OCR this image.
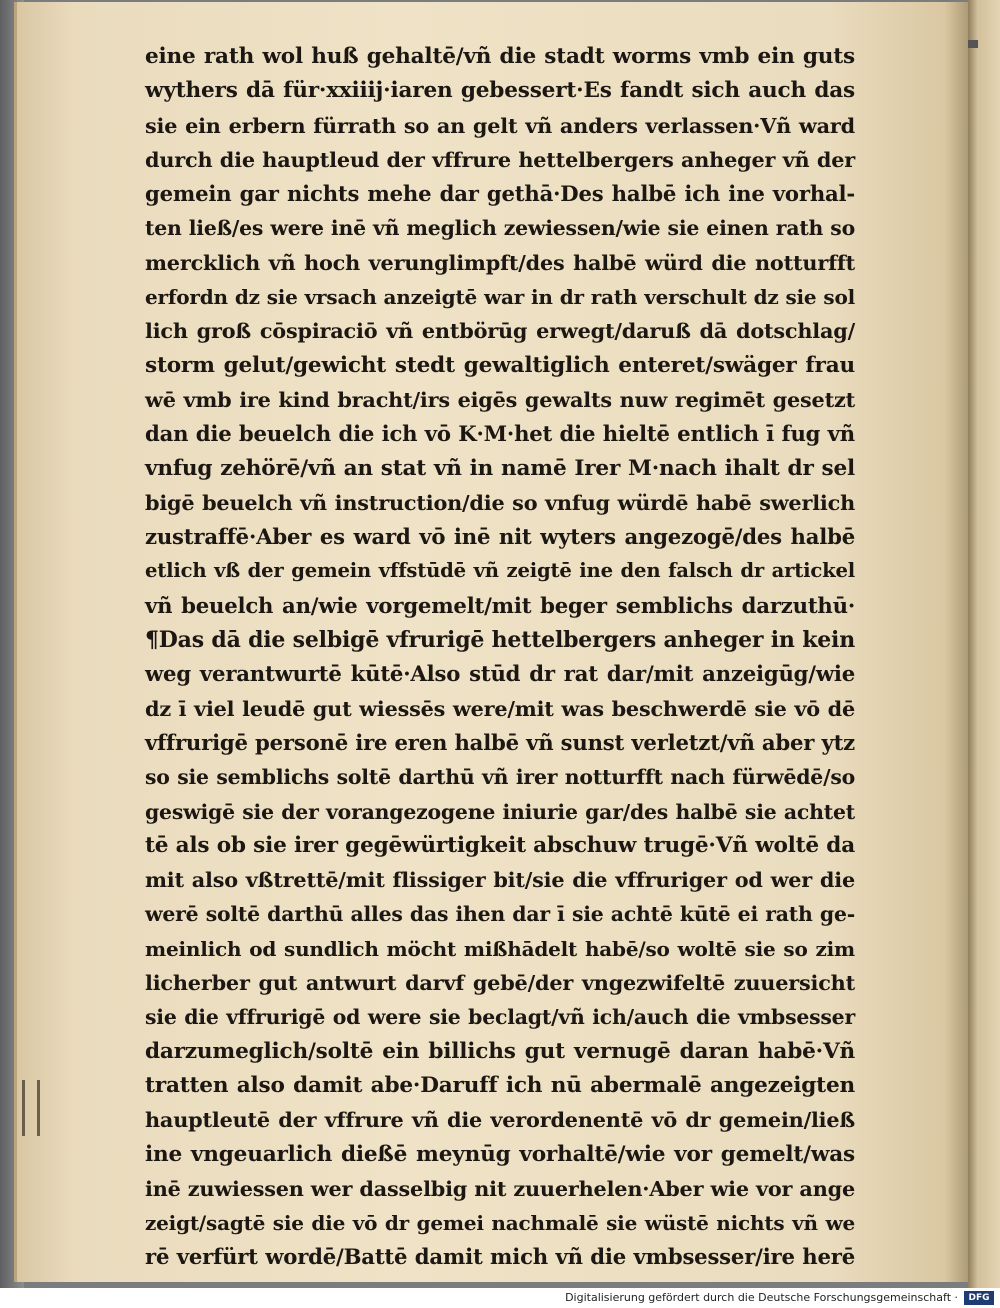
eine rath wol huß gehaltē/vñ die stadt worms vmb ein guts
wythers dā für·xxiiij·iaren gebessert·Es fandt sich auch das
sie ein erbern fürrath so an gelt vñ anders verlassen·Vñ ward
durch die hauptleud der vffrure hettelbergers anheger vñ der
gemein gar nichts mehe dar gethā·Des halbē ich ine vorhal-
ten ließ/es were inē vñ meglich zewiessen/wie sie einen rath so
mercklich vñ hoch verunglimpft/des halbē würd die notturfft
erfordn dz sie vrsach anzeigtē war in dr rath verschult dz sie sol
lich groß cōspiraciō vñ entbörūg erwegt/daruß dā dotschlag/
storm gelut/gewicht stedt gewaltiglich enteret/swäger frau
wē vmb ire kind bracht/irs eigēs gewalts nuw regimēt gesetzt
dan die beuelch die ich vō K·M·het die hieltē entlich ī fug vñ
vnfug zehörē/vñ an stat vñ in namē Irer M·nach ihalt dr sel
bigē beuelch vñ instruction/die so vnfug würdē habē swerlich
zustraffē·Aber es ward vō inē nit wyters angezogē/des halbē
etlich vß der gemein vffstūdē vñ zeigtē ine den falsch dr artickel
vñ beuelch an/wie vorgemelt/mit beger semblichs darzuthū·
¶Das dā die selbigē vfrurigē hettelbergers anheger in kein
weg verantwurtē kūtē·Also stūd dr rat dar/mit anzeigūg/wie
dz ī viel leudē gut wiessēs were/mit was beschwerdē sie vō dē
vffrurigē personē ire eren halbē vñ sunst verletzt/vñ aber ytz
so sie semblichs soltē darthū vñ irer notturfft nach fürwēdē/so
geswigē sie der vorangezogene iniurie gar/des halbē sie achtet
tē als ob sie irer gegēwürtigkeit abschuw trugē·Vñ woltē da
mit also vßtrettē/mit flissiger bit/sie die vffruriger od wer die
werē soltē darthū alles das ihen dar ī sie achtē kūtē ei rath ge-
meinlich od sundlich möcht mißhādelt habē/so woltē sie so zim
licherber gut antwurt darvf gebē/der vngezwifeltē zuuersicht
sie die vffrurigē od were sie beclagt/vñ ich/auch die vmbsesser
darzumeglich/soltē ein billichs gut vernugē daran habē·Vñ
tratten also damit abe·Daruff ich nū abermalē angezeigten
hauptleutē der vffrure vñ die verordenentē vō dr gemein/ließ
ine vngeuarlich dießē meynūg vorhaltē/wie vor gemelt/was
inē zuwiessen wer dasselbig nit zuuerhelen·Aber wie vor ange
zeigt/sagtē sie die vō dr gemei nachmalē sie wüstē nichts vñ we
rē verfürt wordē/Battē damit mich vñ die vmbsesser/ire herē
Digitalisierung gefördert durch die Deutsche Forschungsgemeinschaft ·	DFG
